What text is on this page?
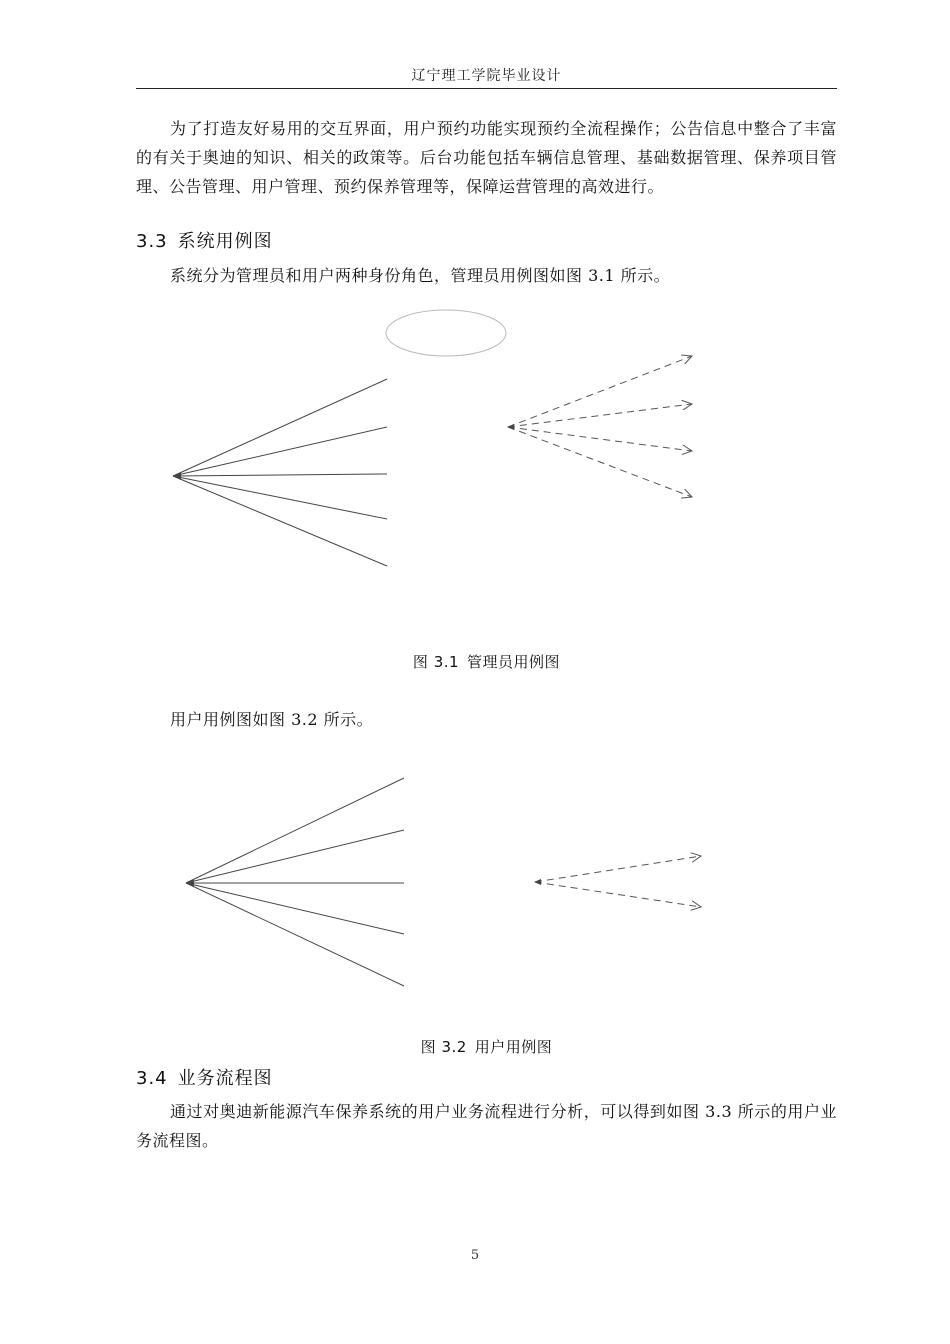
辽宁理工学院毕业设计
为了打造友好易用的交互界面，用户预约功能实现预约全流程操作；公告信息中整合了丰富的有关于奥迪的知识、相关的政策等。后台功能包括车辆信息管理、基础数据管理、保养项目管理、公告管理、用户管理、预约保养管理等，保障运营管理的高效进行。
3.3 系统用例图
系统分为管理员和用户两种身份角色，管理员用例图如图 3.1 所示。
图 3.1 管理员用例图
用户用例图如图 3.2 所示。
图 3.2 用户用例图
3.4 业务流程图
通过对奥迪新能源汽车保养系统的用户业务流程进行分析，可以得到如图 3.3 所示的用户业务流程图。
5
